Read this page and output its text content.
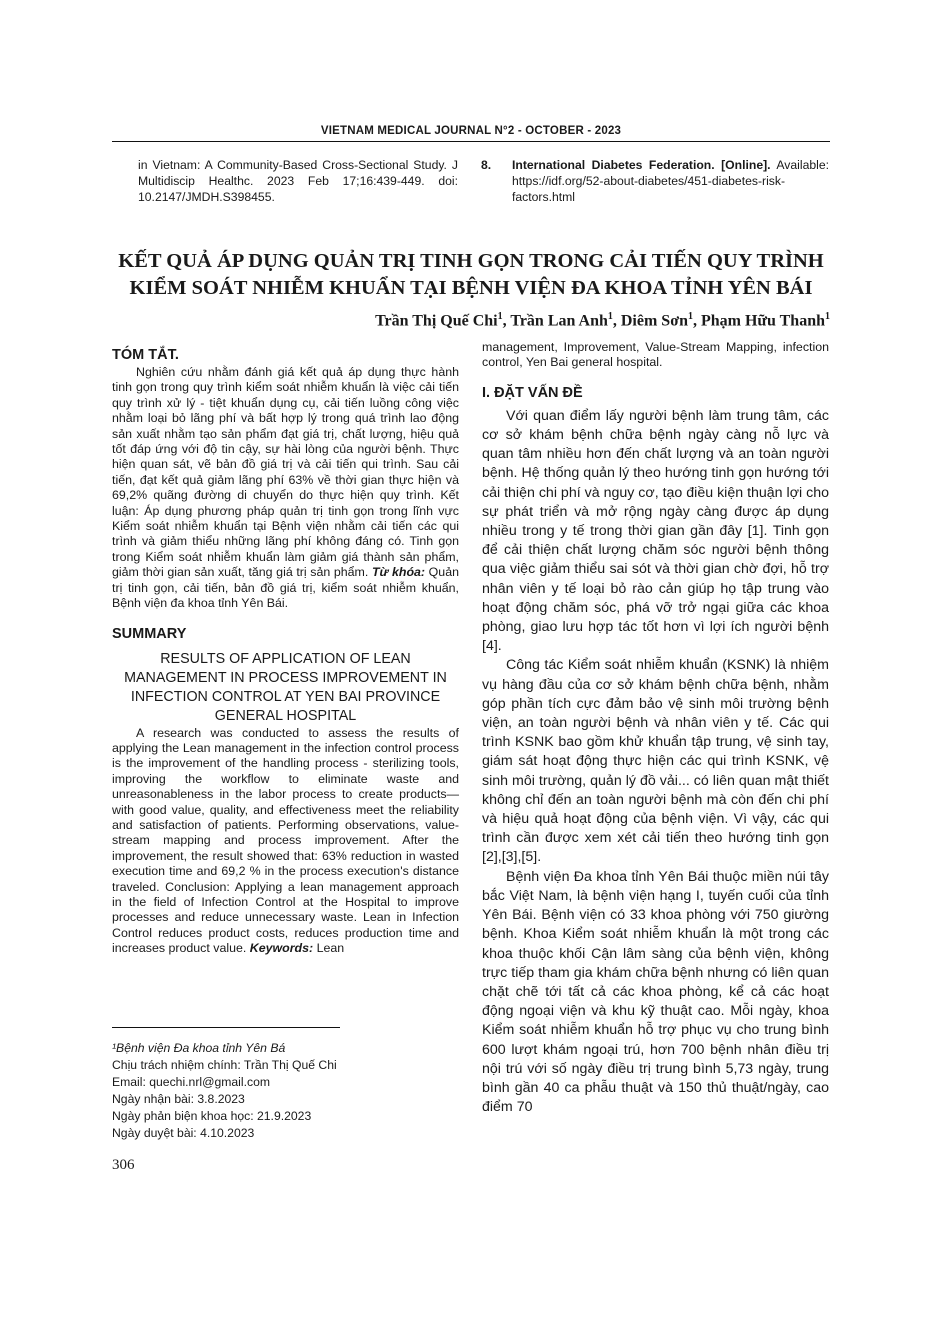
VIETNAM MEDICAL JOURNAL N°2 - OCTOBER - 2023
in Vietnam: A Community-Based Cross-Sectional Study. J Multidiscip Healthc. 2023 Feb 17;16:439-449. doi: 10.2147/JMDH.S398455.
8.	International Diabetes Federation. [Online]. Available: https://idf.org/52-about-diabetes/451-diabetes-risk-factors.html
KẾT QUẢ ÁP DỤNG QUẢN TRỊ TINH GỌN TRONG CẢI TIẾN QUY TRÌNH
KIỂM SOÁT NHIỄM KHUẨN TẠI BỆNH VIỆN ĐA KHOA TỈNH YÊN BÁI
Trần Thị Quế Chi$^1$, Trần Lan Anh$^1$, Diêm Sơn$^1$, Phạm Hữu Thanh$^1$
TÓM TẮT.

Nghiên cứu nhằm đánh giá kết quả áp dụng thực hành tinh gọn trong quy trình kiểm soát nhiễm khuẩn là việc cải tiến quy trình xử lý - tiệt khuẩn dụng cụ, cải tiến luồng công việc nhằm loại bỏ lãng phí và bất hợp lý trong quá trình lao động sản xuất nhằm tạo sản phẩm đạt giá trị, chất lượng, hiệu quả tốt đáp ứng với độ tin cậy, sự hài lòng của người bệnh. Thực hiện quan sát, vẽ bản đồ giá trị và cải tiến qui trình. Sau cải tiến, đạt kết quả giảm lãng phí 63% về thời gian thực hiện và 69,2% quãng đường di chuyển do thực hiện quy trình. Kết luận: Áp dụng phương pháp quản trị tinh gọn trong lĩnh vực Kiểm soát nhiễm khuẩn tại Bệnh viện nhằm cải tiến các qui trình và giảm thiểu những lãng phí không đáng có. Tinh gọn trong Kiểm soát nhiễm khuẩn làm giảm giá thành sản phẩm, giảm thời gian sản xuất, tăng giá trị sản phẩm. Từ khóa: Quản trị tinh gọn, cải tiến, bản đồ giá trị, kiểm soát nhiễm khuẩn, Bệnh viện đa khoa tỉnh Yên Bái.

SUMMARY
RESULTS OF APPLICATION OF LEAN MANAGEMENT IN PROCESS IMPROVEMENT IN INFECTION CONTROL AT YEN BAI PROVINCE GENERAL HOSPITAL

A research was conducted to assess the results of applying the Lean management in the infection control process is the improvement of the handling process - sterilizing tools, improving the workflow to eliminate waste and unreasonableness in the labor process to create products—with good value, quality, and effectiveness meet the reliability and satisfaction of patients. Performing observations, value-stream mapping and process improvement. After the improvement, the result showed that: 63% reduction in wasted execution time and 69,2 % in the process execution's distance traveled. Conclusion: Applying a lean management approach in the field of Infection Control at the Hospital to improve processes and reduce unnecessary waste. Lean in Infection Control reduces product costs, reduces production time and increases product value. Keywords: Lean

management, Improvement, Value-Stream Mapping, infection control, Yen Bai general hospital.

I. ĐẶT VẤN ĐỀ

Với quan điểm lấy người bệnh làm trung tâm, các cơ sở khám bệnh chữa bệnh ngày càng nỗ lực và quan tâm nhiều hơn đến chất lượng và an toàn người bệnh. Hệ thống quản lý theo hướng tinh gọn hướng tới cải thiện chi phí và nguy cơ, tạo điều kiện thuận lợi cho sự phát triển và mở rộng ngày càng được áp dụng nhiều trong y tế trong thời gian gần đây [1]. Tinh gọn để cải thiện chất lượng chăm sóc người bệnh thông qua việc giảm thiểu sai sót và thời gian chờ đợi, hỗ trợ nhân viên y tế loại bỏ rào cản giúp họ tập trung vào hoạt động chăm sóc, phá vỡ trở ngại giữa các khoa phòng, giao lưu hợp tác tốt hơn vì lợi ích người bệnh [4].

Công tác Kiểm soát nhiễm khuẩn (KSNK) là nhiệm vụ hàng đầu của cơ sở khám bệnh chữa bệnh, nhằm góp phần tích cực đảm bảo vệ sinh môi trường bệnh viện, an toàn người bệnh và nhân viên y tế. Các qui trình KSNK bao gồm khử khuẩn tập trung, vệ sinh tay, giám sát hoạt động thực hiện các qui trình KSNK, vệ sinh môi trường, quản lý đồ vải... có liên quan mật thiết không chỉ đến an toàn người bệnh mà còn đến chi phí và hiệu quả hoạt động của bệnh viện. Vì vậy, các qui trình cần được xem xét cải tiến theo hướng tinh gọn [2],[3],[5].

Bệnh viện Đa khoa tỉnh Yên Bái thuộc miền núi tây bắc Việt Nam, là bệnh viện hạng I, tuyến cuối của tỉnh Yên Bái. Bệnh viện có 33 khoa phòng với 750 giường bệnh. Khoa Kiểm soát nhiễm khuẩn là một trong các khoa thuộc khối Cận lâm sàng của bệnh viện, không trực tiếp tham gia khám chữa bệnh nhưng có liên quan chặt chẽ tới tất cả các khoa phòng, kể cả các hoạt động ngoại viện và khu kỹ thuật cao. Mỗi ngày, khoa Kiểm soát nhiễm khuẩn hỗ trợ phục vụ cho trung bình 600 lượt khám ngoại trú, hơn 700 bệnh nhân điều trị nội trú với số ngày điều trị trung bình 5,73 ngày, trung bình gần 40 ca phẫu thuật và 150 thủ thuật/ngày, cao điểm 70

¹Bệnh viện Đa khoa tỉnh Yên Bá
Chịu trách nhiệm chính: Trần Thị Quế Chi
Email: quechi.nrl@gmail.com
Ngày nhận bài: 3.8.2023
Ngày phản biện khoa học: 21.9.2023
Ngày duyệt bài: 4.10.2023
306
